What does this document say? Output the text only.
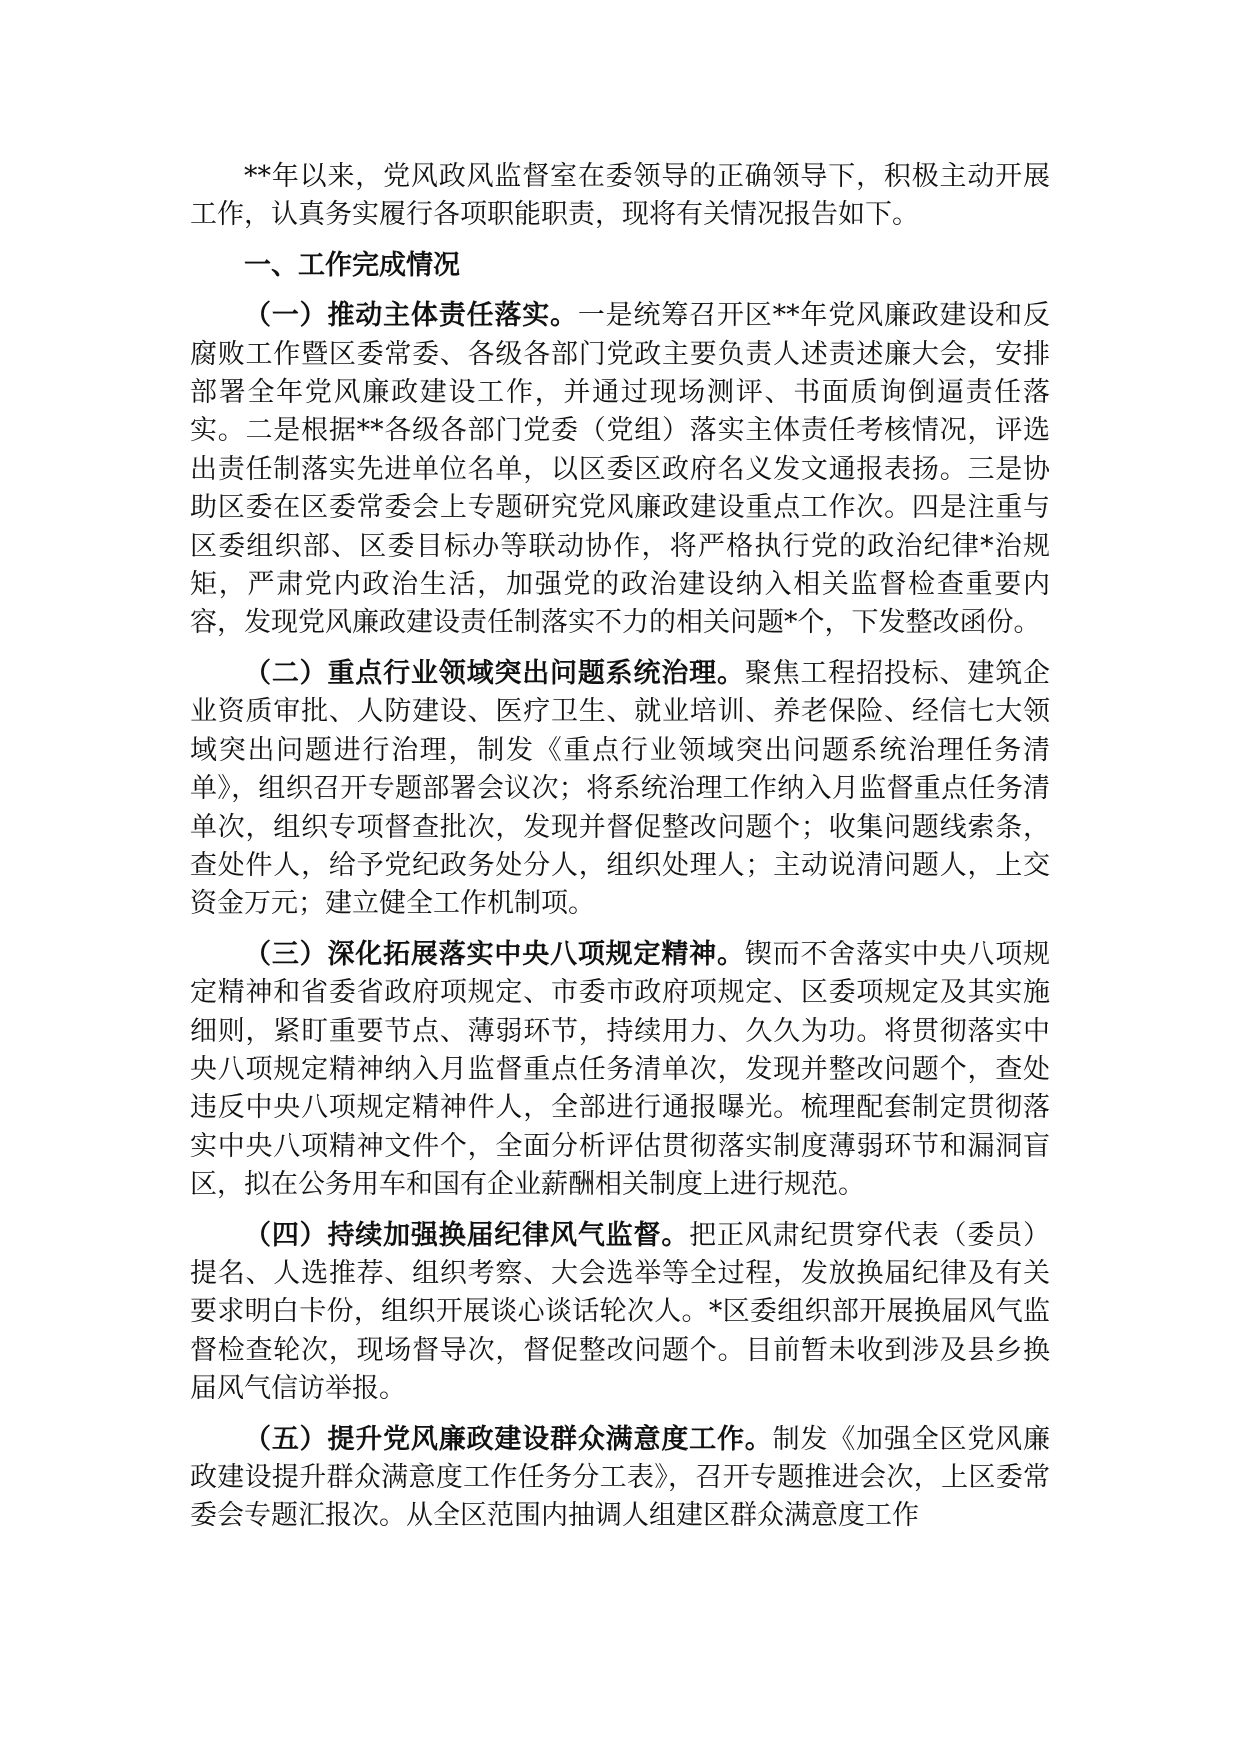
**年以来，党风政风监督室在委领导的正确领导下，积极主动开展工作，认真务实履行各项职能职责，现将有关情况报告如下。

一、工作完成情况

（一）推动主体责任落实。一是统筹召开区**年党风廉政建设和反腐败工作暨区委常委、各级各部门党政主要负责人述责述廉大会，安排部署全年党风廉政建设工作，并通过现场测评、书面质询倒逼责任落实。二是根据**各级各部门党委（党组）落实主体责任考核情况，评选出责任制落实先进单位名单，以区委区政府名义发文通报表扬。三是协助区委在区委常委会上专题研究党风廉政建设重点工作次。四是注重与区委组织部、区委目标办等联动协作，将严格执行党的政治纪律*治规矩，严肃党内政治生活，加强党的政治建设纳入相关监督检查重要内容，发现党风廉政建设责任制落实不力的相关问题*个，下发整改函份。

（二）重点行业领域突出问题系统治理。聚焦工程招投标、建筑企业资质审批、人防建设、医疗卫生、就业培训、养老保险、经信七大领域突出问题进行治理，制发《重点行业领域突出问题系统治理任务清单》，组织召开专题部署会议次；将系统治理工作纳入月监督重点任务清单次，组织专项督查批次，发现并督促整改问题个；收集问题线索条，查处件人，给予党纪政务处分人，组织处理人；主动说清问题人，上交资金万元；建立健全工作机制项。

（三）深化拓展落实中央八项规定精神。锲而不舍落实中央八项规定精神和省委省政府项规定、市委市政府项规定、区委项规定及其实施细则，紧盯重要节点、薄弱环节，持续用力、久久为功。将贯彻落实中央八项规定精神纳入月监督重点任务清单次，发现并整改问题个，查处违反中央八项规定精神件人，全部进行通报曝光。梳理配套制定贯彻落实中央八项精神文件个，全面分析评估贯彻落实制度薄弱环节和漏洞盲区，拟在公务用车和国有企业薪酬相关制度上进行规范。

（四）持续加强换届纪律风气监督。把正风肃纪贯穿代表（委员）提名、人选推荐、组织考察、大会选举等全过程，发放换届纪律及有关要求明白卡份，组织开展谈心谈话轮次人。*区委组织部开展换届风气监督检查轮次，现场督导次，督促整改问题个。目前暂未收到涉及县乡换届风气信访举报。

（五）提升党风廉政建设群众满意度工作。制发《加强全区党风廉政建设提升群众满意度工作任务分工表》，召开专题推进会次，上区委常委会专题汇报次。从全区范围内抽调人组建区群众满意度工作
